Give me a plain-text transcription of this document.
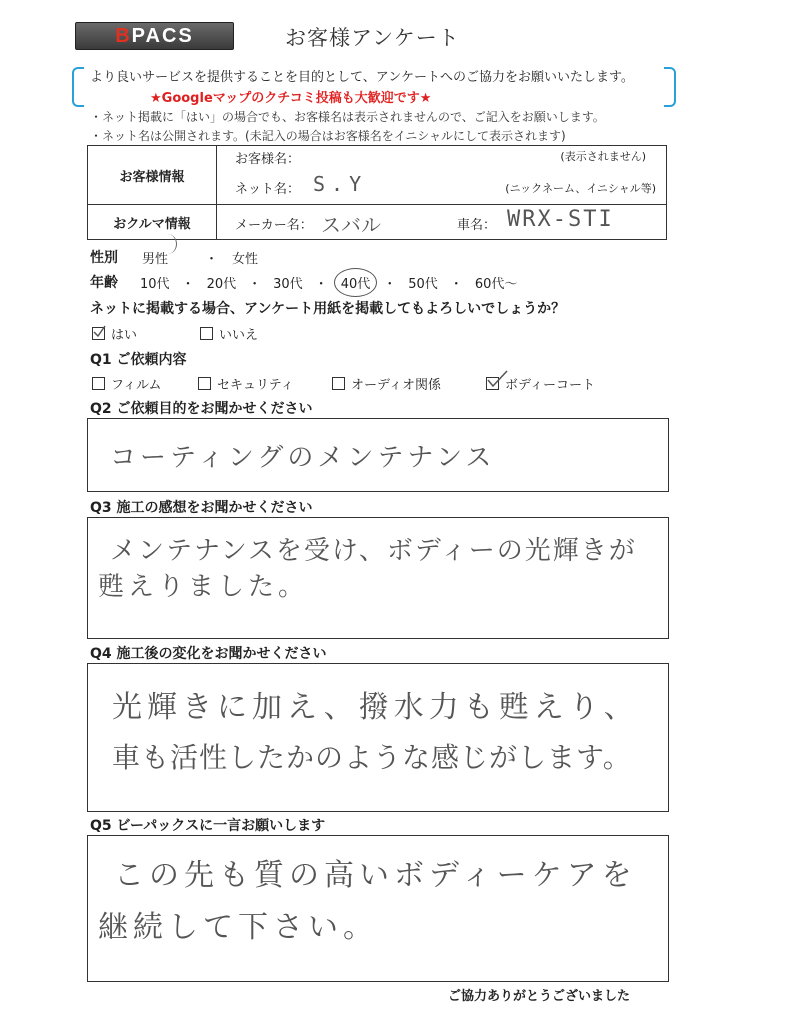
BPACS	お客様アンケート
より良いサービスを提供することを目的として、アンケートへのご協力をお願いいたします。
★Googleマップのクチコミ投稿も大歓迎です★
・ネット掲載に「はい」の場合でも、お客様名は表示されませんので、ご記入をお願いします。
・ネット名は公開されます。(未記入の場合はお客様名をイニシャルにして表示されます)
お客様情報	お客様名： (表示されません)
ネット名： S.Y (ニックネーム、イニシャル等)

おクルマ情報	メーカー名： スバル 車名： WRX-STI
性別 男性	・ 女性
年齢 10代 ・ 20代 ・ 30代 ・	40代	・ 50代 ・ 60代～
ネットに掲載する場合、アンケート用紙を掲載してもよろしいでしょうか？
はい	いいえ
Q1 ご依頼内容
フィルム	セキュリティ	オーディオ関係	ボディーコート
Q2 ご依頼目的をお聞かせください
コーティングのメンテナンス
Q3 施工の感想をお聞かせください
メンテナンスを受け、ボディーの光輝きが
甦えりました。
Q4 施工後の変化をお聞かせください
光輝きに加え、撥水力も甦えり、
車も活性したかのような感じがします。
Q5 ビーパックスに一言お願いします
この先も質の高いボディーケアを
継続して下さい。
ご協力ありがとうございました
